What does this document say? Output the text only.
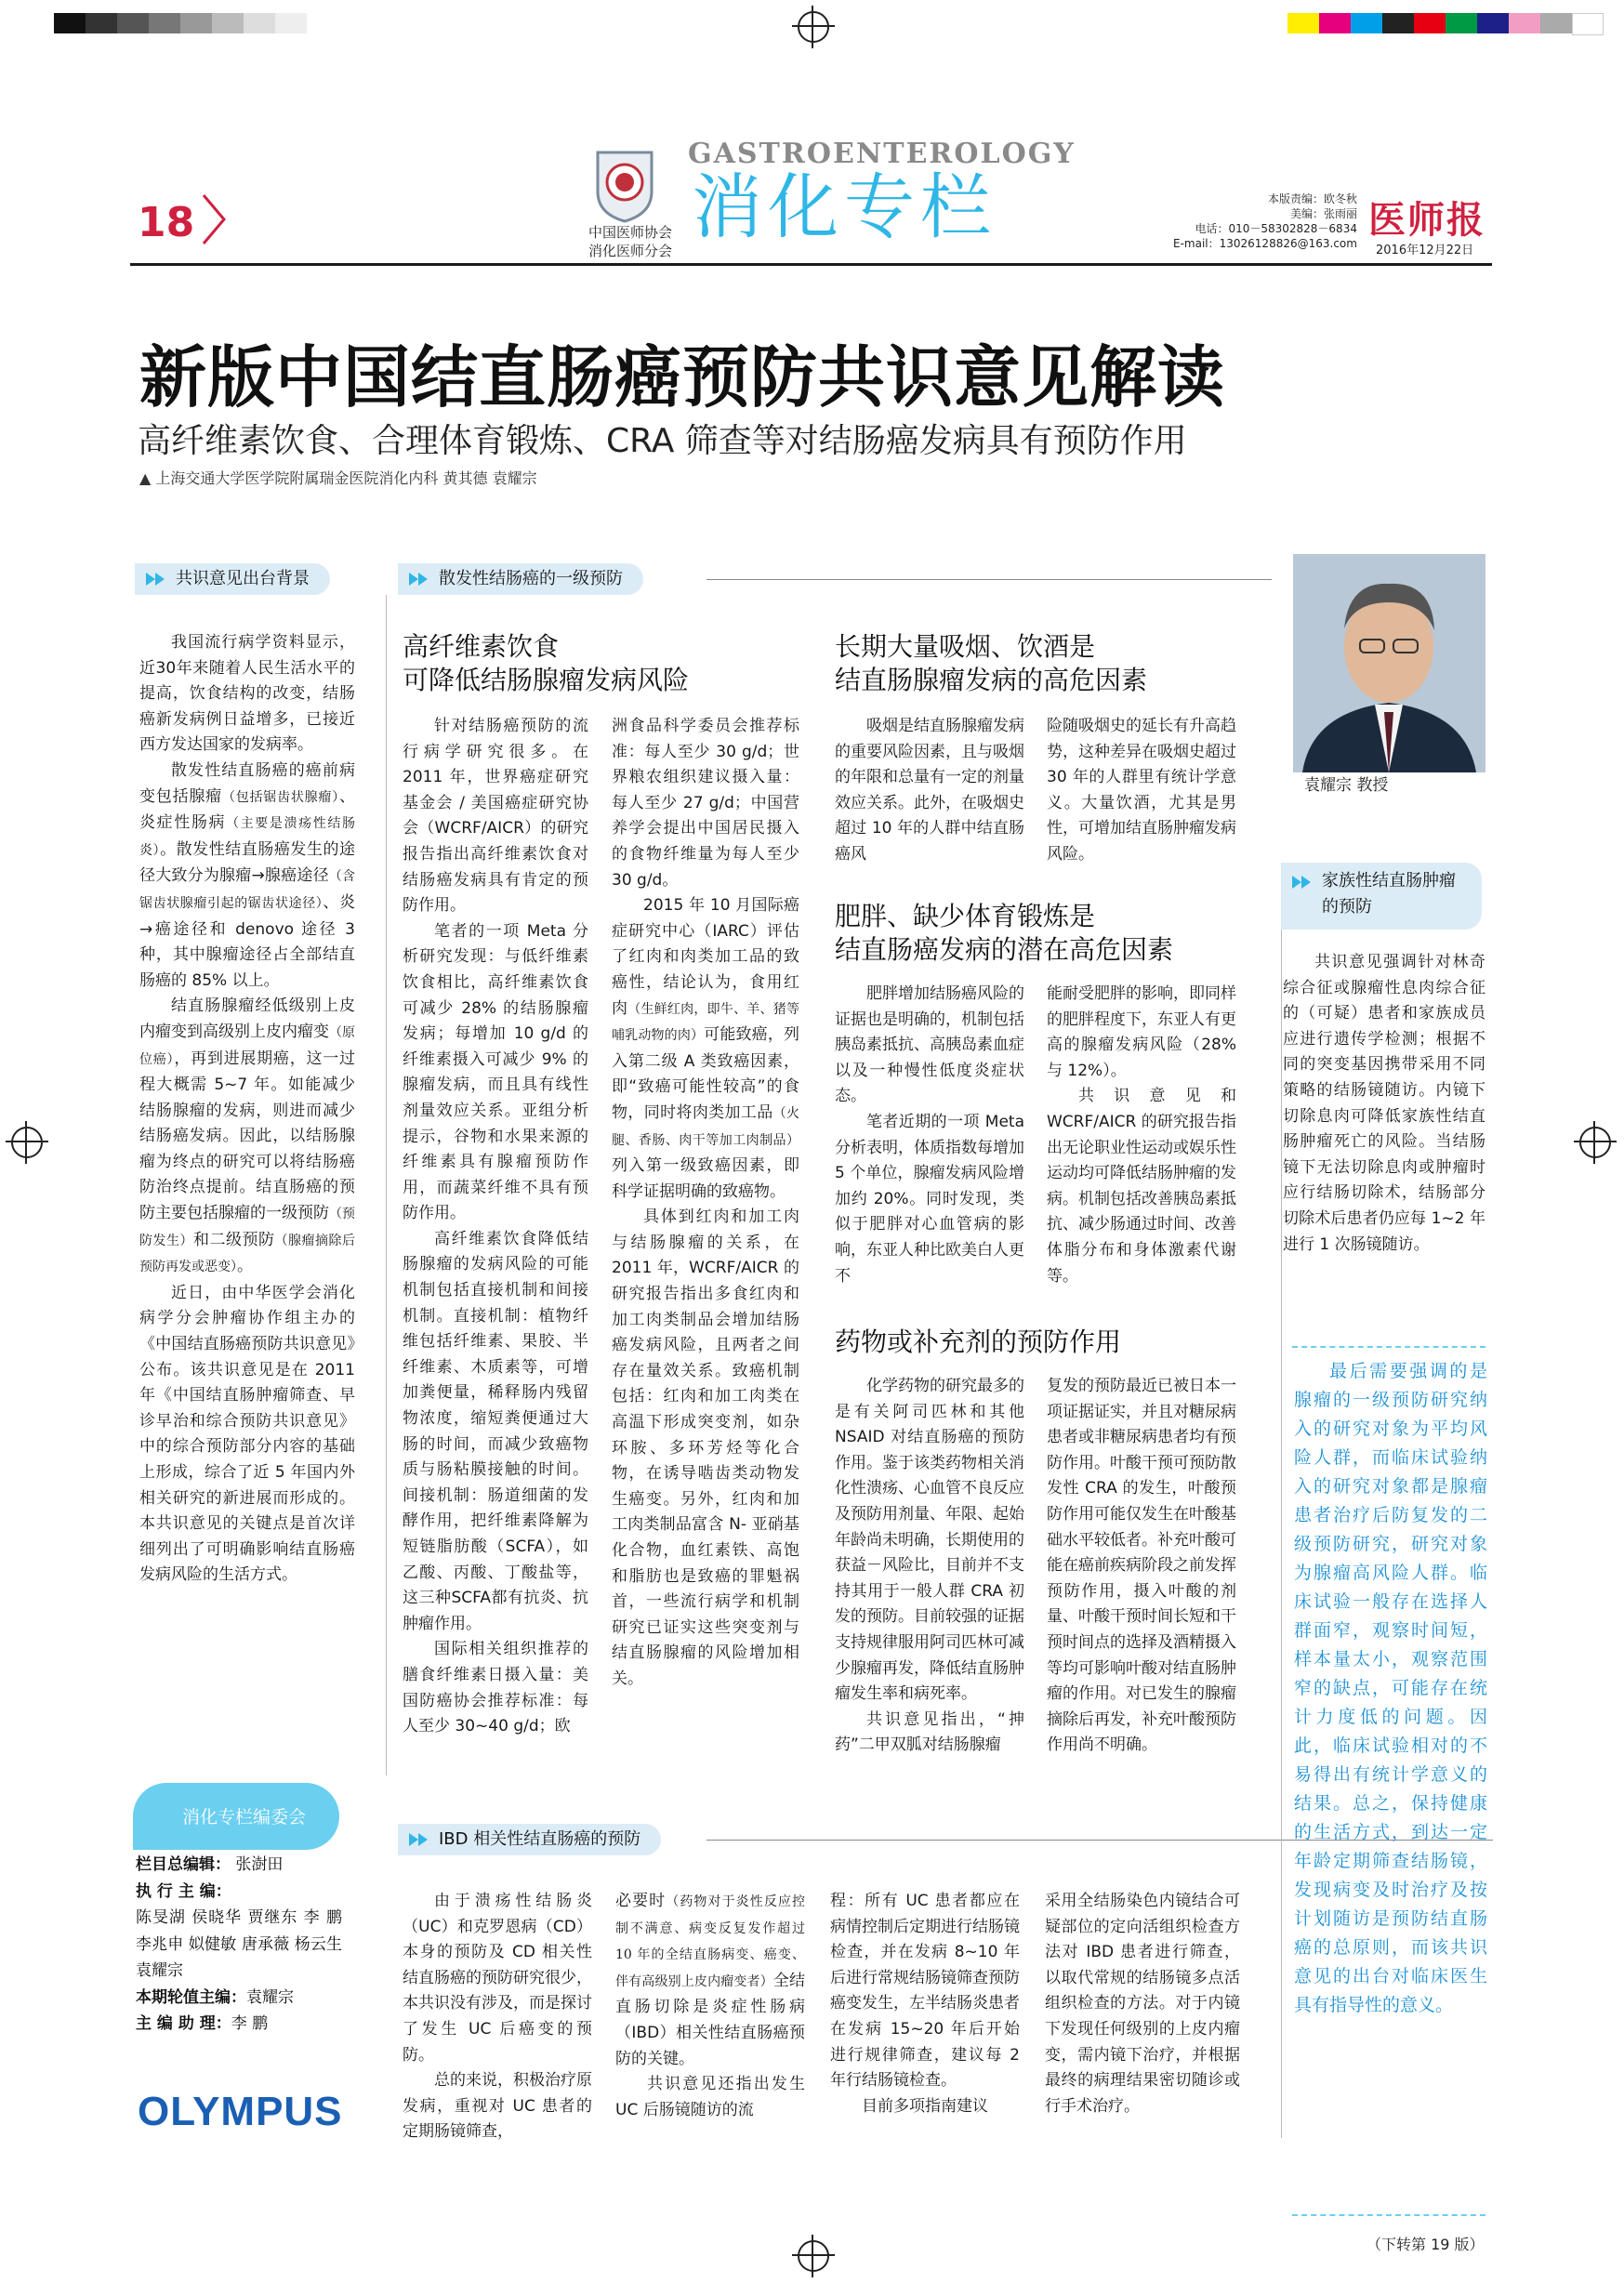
18	中国医师协会
消化医师分会
GASTROENTEROLOGY
消化专栏	本版责编：欧冬秋
美编：张雨丽
电话：010－58302828－6834
E-mail：13026128826@163.com
医师报
2016年12月22日
新版中国结直肠癌预防共识意见解读
高纤维素饮食、合理体育锻炼、CRA 筛查等对结肠癌发病具有预防作用
▲ 上海交通大学医学院附属瑞金医院消化内科 黄其德 袁耀宗
共识意见出台背景	散发性结肠癌的一级预防
家族性结直肠肿瘤的预防
IBD 相关性结直肠癌的预防
袁耀宗 教授

我国流行病学资料显示，近30年来随着人民生活水平的提高，饮食结构的改变，结肠癌新发病例日益增多，已接近西方发达国家的发病率。

散发性结直肠癌的癌前病变包括腺瘤（包括锯齿状腺瘤）、炎症性肠病（主要是溃疡性结肠炎）。散发性结直肠癌发生的途径大致分为腺瘤→腺癌途径（含锯齿状腺瘤引起的锯齿状途径）、炎→癌途径和 denovo 途径 3 种，其中腺瘤途径占全部结直肠癌的 85% 以上。

结直肠腺瘤经低级别上皮内瘤变到高级别上皮内瘤变（原位癌），再到进展期癌，这一过程大概需 5~7 年。如能减少结肠腺瘤的发病，则进而减少结肠癌发病。因此，以结肠腺瘤为终点的研究可以将结肠癌防治终点提前。结直肠癌的预防主要包括腺瘤的一级预防（预防发生）和二级预防（腺瘤摘除后预防再发或恶变）。

近日，由中华医学会消化病学分会肿瘤协作组主办的《中国结直肠癌预防共识意见》公布。该共识意见是在 2011 年《中国结直肠肿瘤筛查、早诊早治和综合预防共识意见》中的综合预防部分内容的基础上形成，综合了近 5 年国内外相关研究的新进展而形成的。本共识意见的关键点是首次详细列出了可明确影响结直肠癌发病风险的生活方式。

高纤维素饮食
可降低结肠腺瘤发病风险

针对结肠癌预防的流行病学研究很多。在 2011 年，世界癌症研究基金会 / 美国癌症研究协会（WCRF/AICR）的研究报告指出高纤维素饮食对结肠癌发病具有肯定的预防作用。

笔者的一项 Meta 分析研究发现：与低纤维素饮食相比，高纤维素饮食可减少 28% 的结肠腺瘤发病；每增加 10 g/d 的纤维素摄入可减少 9% 的腺瘤发病，而且具有线性剂量效应关系。亚组分析提示，谷物和水果来源的纤维素具有腺瘤预防作用，而蔬菜纤维不具有预防作用。

高纤维素饮食降低结肠腺瘤的发病风险的可能机制包括直接机制和间接机制。直接机制：植物纤维包括纤维素、果胶、半纤维素、木质素等，可增加粪便量，稀释肠内残留物浓度，缩短粪便通过大肠的时间，而减少致癌物质与肠粘膜接触的时间。间接机制：肠道细菌的发酵作用，把纤维素降解为短链脂肪酸（SCFA），如乙酸、丙酸、丁酸盐等，这三种SCFA都有抗炎、抗肿瘤作用。

国际相关组织推荐的膳食纤维素日摄入量：美国防癌协会推荐标准：每人至少 30~40 g/d；欧

洲食品科学委员会推荐标准：每人至少 30 g/d；世界粮农组织建议摄入量：每人至少 27 g/d；中国营养学会提出中国居民摄入的食物纤维量为每人至少 30 g/d。

2015 年 10 月国际癌症研究中心（IARC）评估了红肉和肉类加工品的致癌性，结论认为，食用红肉（生鲜红肉，即牛、羊、猪等哺乳动物的肉）可能致癌，列入第二级 A 类致癌因素，即“致癌可能性较高”的食物，同时将肉类加工品（火腿、香肠、肉干等加工肉制品）列入第一级致癌因素，即科学证据明确的致癌物。

具体到红肉和加工肉与结肠腺瘤的关系，在 2011 年，WCRF/AICR 的研究报告指出多食红肉和加工肉类制品会增加结肠癌发病风险，且两者之间存在量效关系。致癌机制包括：红肉和加工肉类在高温下形成突变剂，如杂环胺、多环芳烃等化合物，在诱导啮齿类动物发生癌变。另外，红肉和加工肉类制品富含 N- 亚硝基化合物，血红素铁、高饱和脂肪也是致癌的罪魁祸首，一些流行病学和机制研究已证实这些突变剂与结直肠腺瘤的风险增加相关。

长期大量吸烟、饮酒是
结直肠腺瘤发病的高危因素

吸烟是结直肠腺瘤发病的重要风险因素，且与吸烟的年限和总量有一定的剂量效应关系。此外，在吸烟史超过 10 年的人群中结直肠癌风

险随吸烟史的延长有升高趋势，这种差异在吸烟史超过 30 年的人群里有统计学意义。大量饮酒，尤其是男性，可增加结直肠肿瘤发病风险。

肥胖、缺少体育锻炼是
结直肠癌发病的潜在高危因素

肥胖增加结肠癌风险的证据也是明确的，机制包括胰岛素抵抗、高胰岛素血症以及一种慢性低度炎症状态。

笔者近期的一项 Meta 分析表明，体质指数每增加 5 个单位，腺瘤发病风险增加约 20%。同时发现，类似于肥胖对心血管病的影响，东亚人种比欧美白人更不

能耐受肥胖的影响，即同样的肥胖程度下，东亚人有更高的腺瘤发病风险（28% 与 12%）。

共识意见和 WCRF/AICR 的研究报告指出无论职业性运动或娱乐性运动均可降低结肠肿瘤的发病。机制包括改善胰岛素抵抗、减少肠通过时间、改善体脂分布和身体激素代谢等。

药物或补充剂的预防作用

化学药物的研究最多的是有关阿司匹林和其他 NSAID 对结直肠癌的预防作用。鉴于该类药物相关消化性溃疡、心血管不良反应及预防用剂量、年限、起始年龄尚未明确，长期使用的获益－风险比，目前并不支持其用于一般人群 CRA 初发的预防。目前较强的证据支持规律服用阿司匹林可减少腺瘤再发，降低结直肠肿瘤发生率和病死率。

共识意见指出，“抻药”二甲双胍对结肠腺瘤

复发的预防最近已被日本一项证据证实，并且对糖尿病患者或非糖尿病患者均有预防作用。叶酸干预可预防散发性 CRA 的发生，叶酸预防作用可能仅发生在叶酸基础水平较低者。补充叶酸可能在癌前疾病阶段之前发挥预防作用，摄入叶酸的剂量、叶酸干预时间长短和干预时间点的选择及酒精摄入等均可影响叶酸对结直肠肿瘤的作用。对已发生的腺瘤摘除后再发，补充叶酸预防作用尚不明确。

共识意见强调针对林奇综合征或腺瘤性息肉综合征的（可疑）患者和家族成员应进行遗传学检测；根据不同的突变基因携带采用不同策略的结肠镜随访。内镜下切除息肉可降低家族性结直肠肿瘤死亡的风险。当结肠镜下无法切除息肉或肿瘤时应行结肠切除术，结肠部分切除术后患者仍应每 1~2 年进行 1 次肠镜随访。

最后需要强调的是腺瘤的一级预防研究纳入的研究对象为平均风险人群，而临床试验纳入的研究对象都是腺瘤患者治疗后防复发的二级预防研究，研究对象为腺瘤高风险人群。临床试验一般存在选择人群面窄，观察时间短，样本量太小，观察范围窄的缺点，可能存在统计力度低的问题。因此，临床试验相对的不易得出有统计学意义的结果。总之，保持健康的生活方式，到达一定年龄定期筛查结肠镜，发现病变及时治疗及按计划随访是预防结直肠癌的总原则，而该共识意见的出台对临床医生具有指导性的意义。

（下转第 19 版）

由于溃疡性结肠炎（UC）和克罗恩病（CD）本身的预防及 CD 相关性结直肠癌的预防研究很少，本共识没有涉及，而是探讨了发生 UC 后癌变的预防。

总的来说，积极治疗原发病，重视对 UC 患者的定期肠镜筛查，

必要时（药物对于炎性反应控制不满意、病变反复发作超过 10 年的全结直肠病变、癌变、伴有高级别上皮内瘤变者）全结直肠切除是炎症性肠病（IBD）相关性结直肠癌预防的关键。

共识意见还指出发生 UC 后肠镜随访的流

程：所有 UC 患者都应在病情控制后定期进行结肠镜检查，并在发病 8~10 年后进行常规结肠镜筛查预防癌变发生，左半结肠炎患者在发病 15~20 年后开始进行规律筛查，建议每 2 年行结肠镜检查。

目前多项指南建议

采用全结肠染色内镜结合可疑部位的定向活组织检查方法对 IBD 患者进行筛查，以取代常规的结肠镜多点活组织检查的方法。对于内镜下发现任何级别的上皮内瘤变，需内镜下治疗，并根据最终的病理结果密切随诊或行手术治疗。

消化专栏编委会
栏目总编辑： 张澍田
执 行 主 编：
陈旻湖 侯晓华 贾继东 李 鹏 李兆申 姒健敏 唐承薇 杨云生 袁耀宗
本期轮值主编：袁耀宗
主 编 助 理：李 鹏
OLYMPUS
